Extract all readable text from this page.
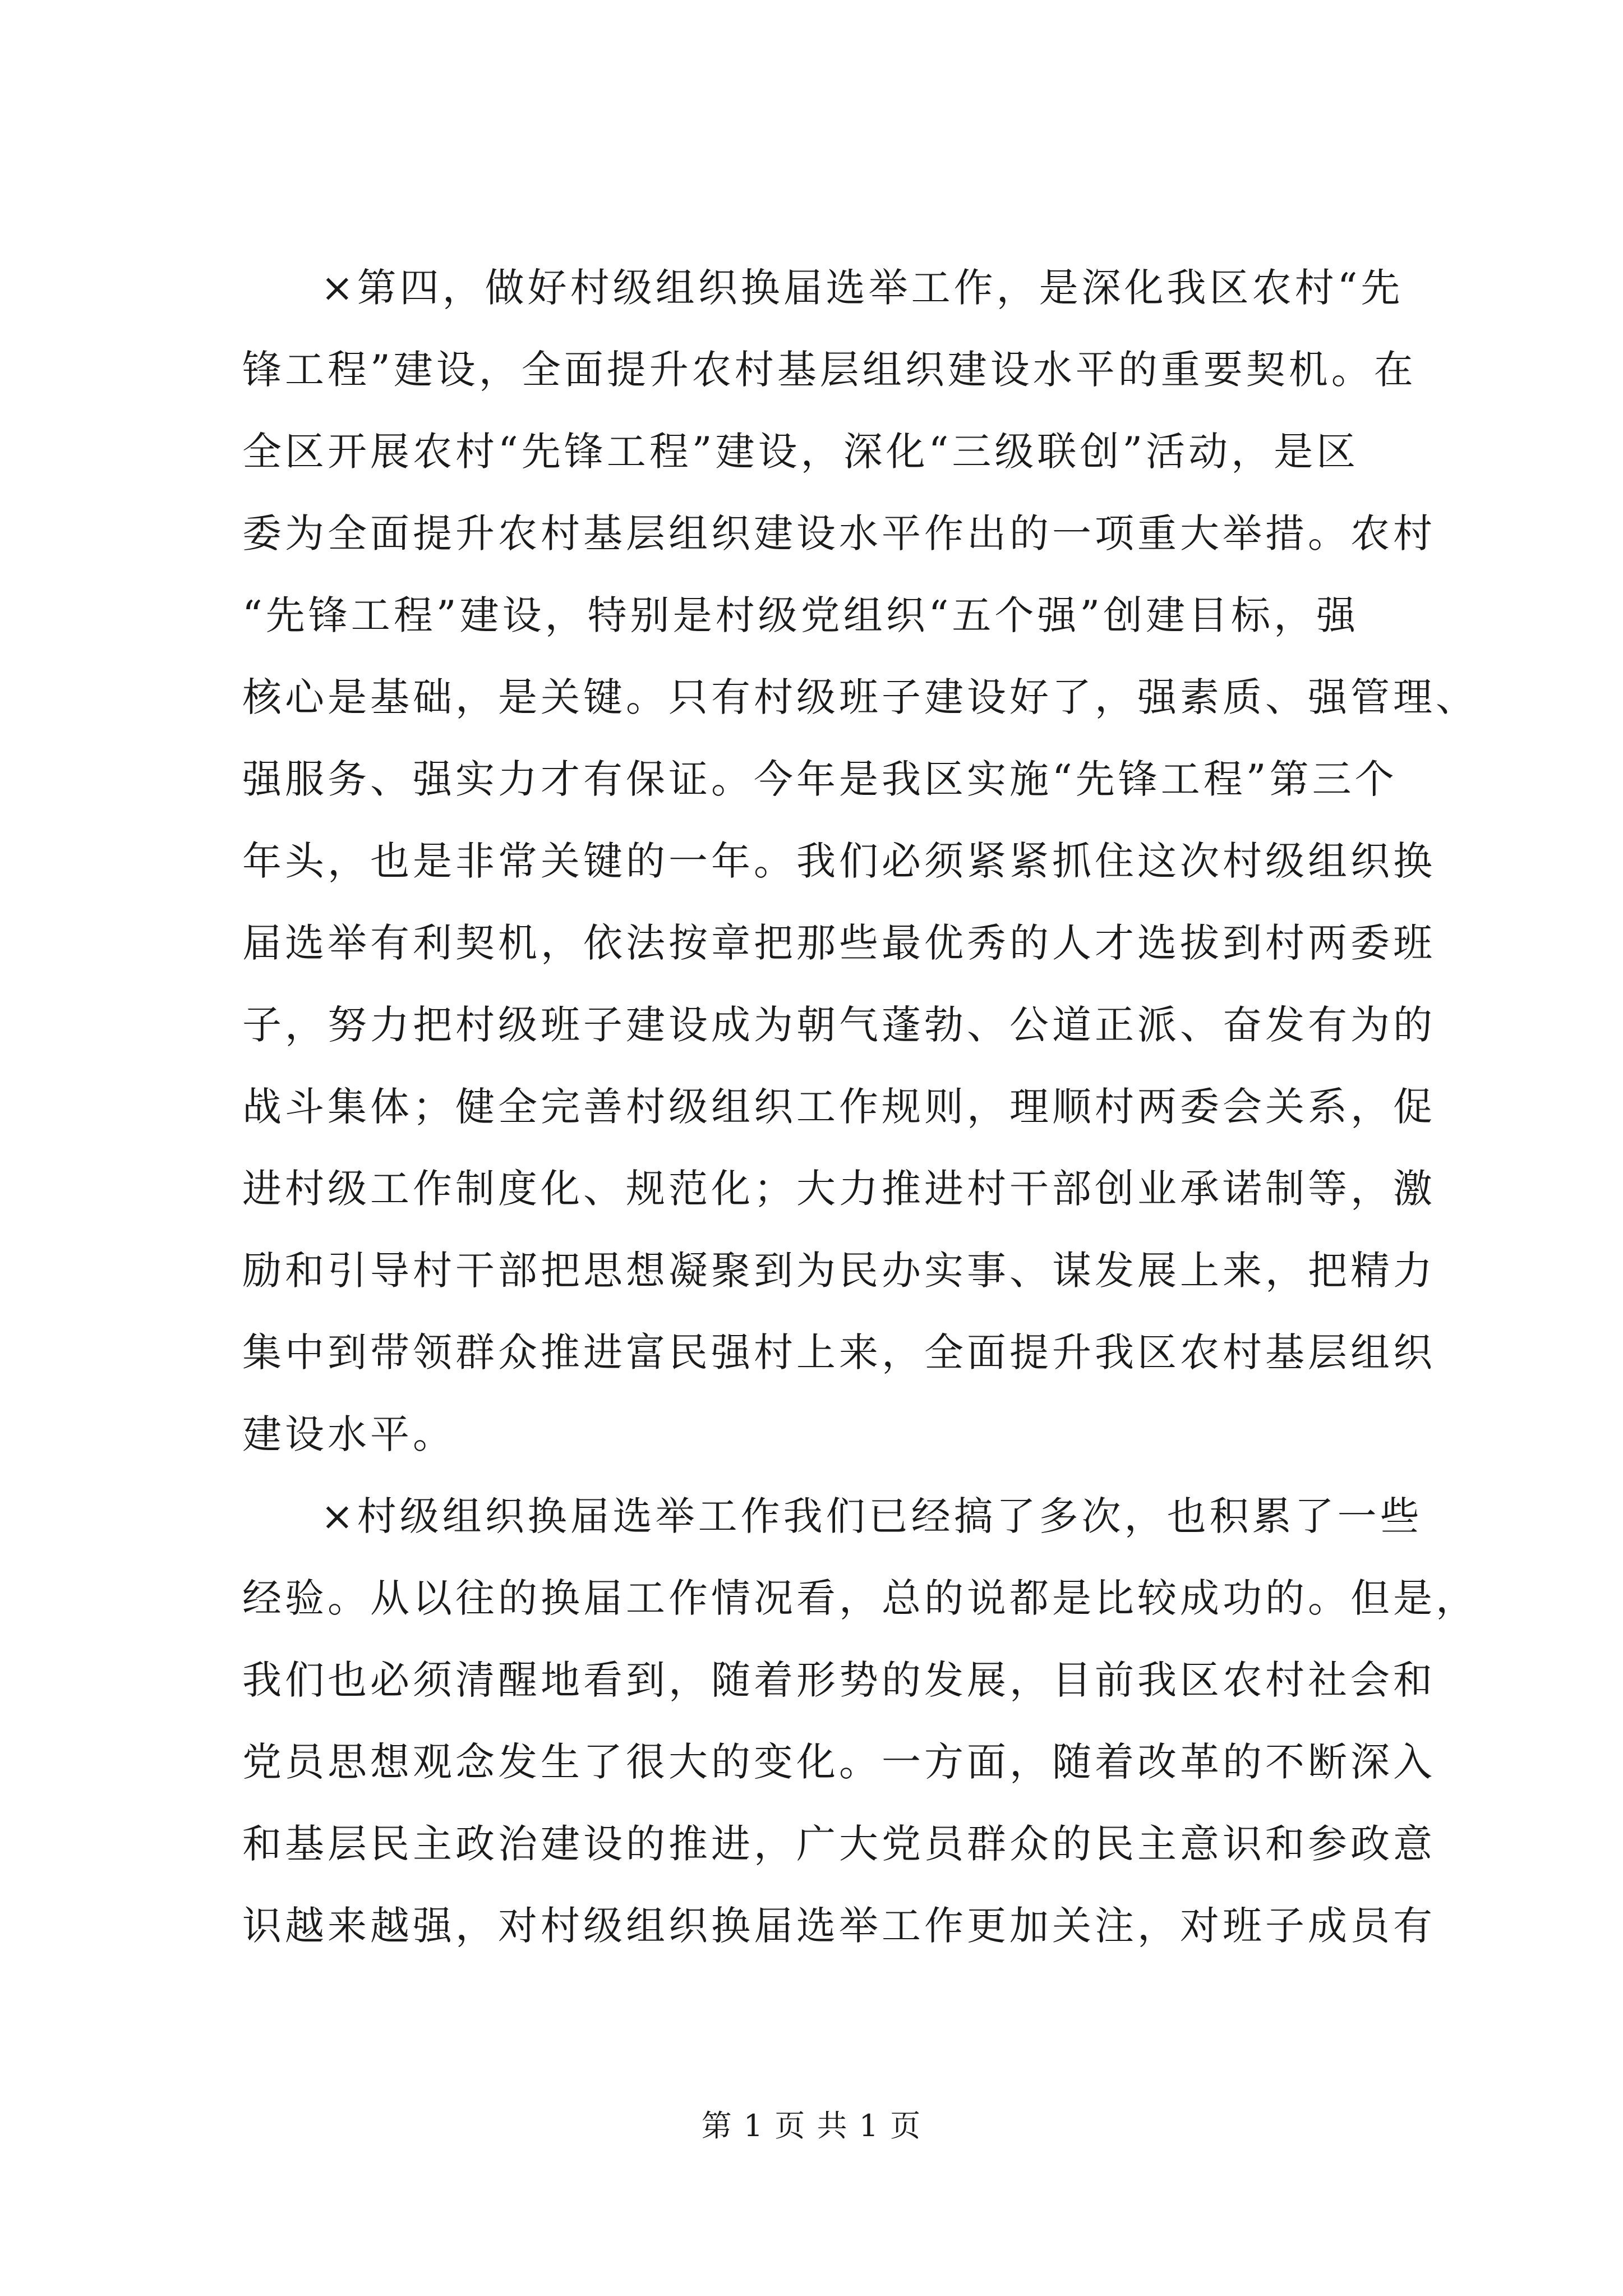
×第四，做好村级组织换届选举工作，是深化我区农村“先
锋工程”建设，全面提升农村基层组织建设水平的重要契机。在
全区开展农村“先锋工程”建设，深化“三级联创”活动，是区
委为全面提升农村基层组织建设水平作出的一项重大举措。农村
“先锋工程”建设，特别是村级党组织“五个强”创建目标，强
核心是基础，是关键。只有村级班子建设好了，强素质、强管理、
强服务、强实力才有保证。今年是我区实施“先锋工程”第三个
年头，也是非常关键的一年。我们必须紧紧抓住这次村级组织换
届选举有利契机，依法按章把那些最优秀的人才选拔到村两委班
子，努力把村级班子建设成为朝气蓬勃、公道正派、奋发有为的
战斗集体；健全完善村级组织工作规则，理顺村两委会关系，促
进村级工作制度化、规范化；大力推进村干部创业承诺制等，激
励和引导村干部把思想凝聚到为民办实事、谋发展上来，把精力
集中到带领群众推进富民强村上来，全面提升我区农村基层组织
建设水平。
×村级组织换届选举工作我们已经搞了多次，也积累了一些
经验。从以往的换届工作情况看，总的说都是比较成功的。但是，
我们也必须清醒地看到，随着形势的发展，目前我区农村社会和
党员思想观念发生了很大的变化。一方面，随着改革的不断深入
和基层民主政治建设的推进，广大党员群众的民主意识和参政意
识越来越强，对村级组织换届选举工作更加关注，对班子成员有
第 1 页 共 1 页
